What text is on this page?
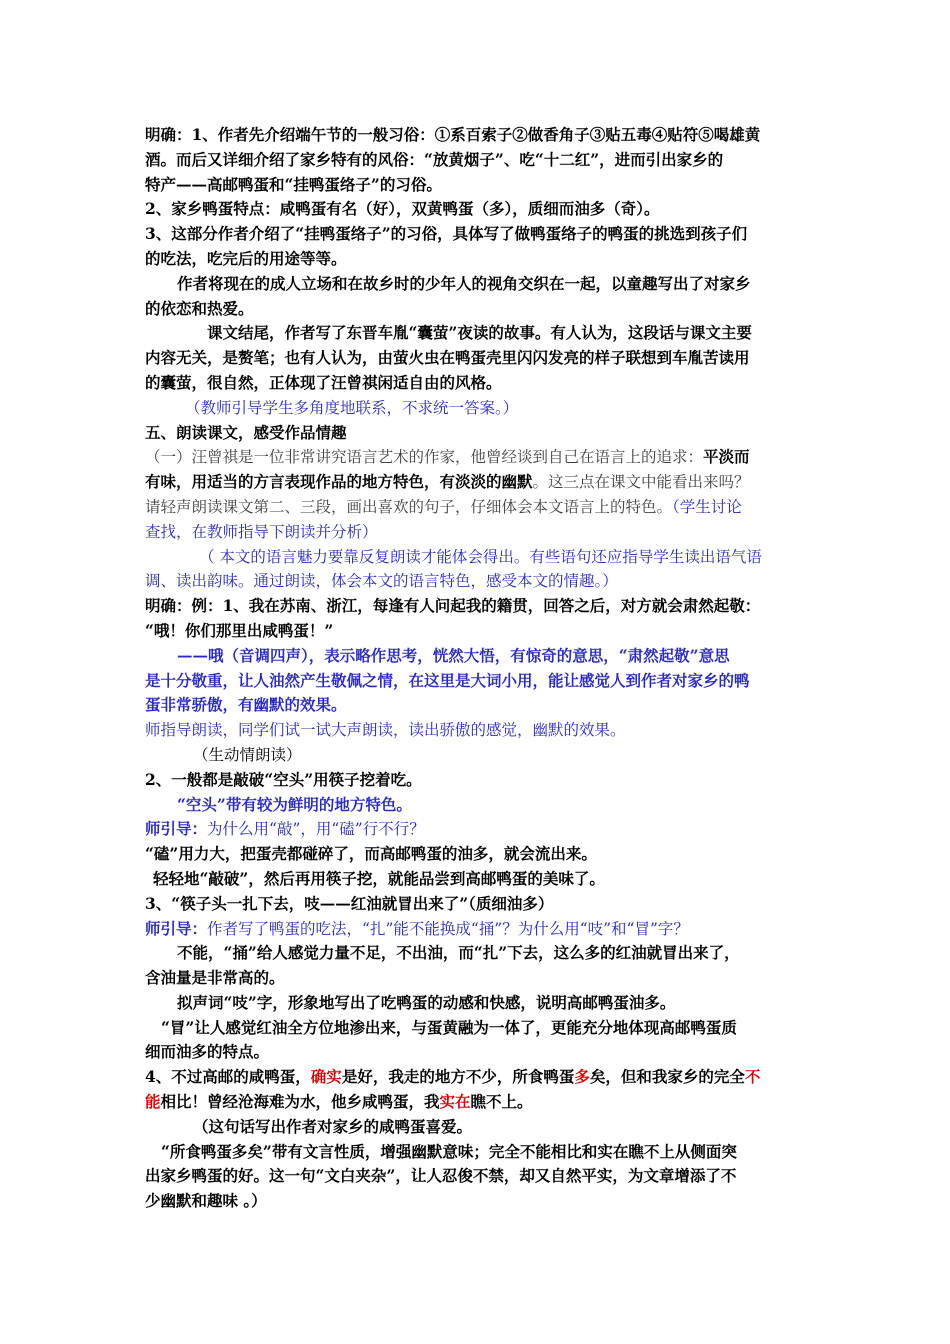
明确：1、作者先介绍端午节的一般习俗：①系百索子②做香角子③贴五毒④贴符⑤喝雄黄

酒。而后又详细介绍了家乡特有的风俗：“放黄烟子”、吃“十二红”，进而引出家乡的

特产——高邮鸭蛋和“挂鸭蛋络子”的习俗。

2、家乡鸭蛋特点：咸鸭蛋有名（好），双黄鸭蛋（多），质细而油多（奇）。

3、这部分作者介绍了“挂鸭蛋络子”的习俗，具体写了做鸭蛋络子的鸭蛋的挑选到孩子们

的吃法，吃完后的用途等等。

作者将现在的成人立场和在故乡时的少年人的视角交织在一起，以童趣写出了对家乡

的依恋和热爱。

课文结尾，作者写了东晋车胤“囊萤”夜读的故事。有人认为，这段话与课文主要

内容无关，是赘笔；也有人认为，由萤火虫在鸭蛋壳里闪闪发亮的样子联想到车胤苦读用

的囊萤，很自然，正体现了汪曾祺闲适自由的风格。

（教师引导学生多角度地联系，不求统一答案。）

五、朗读课文，感受作品情趣

（一）汪曾祺是一位非常讲究语言艺术的作家，他曾经谈到自己在语言上的追求：平淡而

有味，用适当的方言表现作品的地方特色，有淡淡的幽默。这三点在课文中能看出来吗？

请轻声朗读课文第二、三段，画出喜欢的句子，仔细体会本文语言上的特色。（学生讨论

查找，在教师指导下朗读并分析）

（ 本文的语言魅力要靠反复朗读才能体会得出。有些语句还应指导学生读出语气语

调、读出韵味。通过朗读，体会本文的语言特色，感受本文的情趣。）

明确：例：1、我在苏南、浙江，每逢有人问起我的籍贯，回答之后，对方就会肃然起敬：

“哦！你们那里出咸鸭蛋！”

——哦（音调四声），表示略作思考，恍然大悟，有惊奇的意思，“肃然起敬”意思

是十分敬重，让人油然产生敬佩之情，在这里是大词小用，能让感觉人到作者对家乡的鸭

蛋非常骄傲，有幽默的效果。

师指导朗读，同学们试一试大声朗读，读出骄傲的感觉，幽默的效果。

（生动情朗读）

2、一般都是敲破“空头”用筷子挖着吃。

“空头”带有较为鲜明的地方特色。

师引导：为什么用“敲”，用“磕”行不行？

“磕”用力大，把蛋壳都碰碎了，而高邮鸭蛋的油多，就会流出来。

轻轻地“敲破”，然后再用筷子挖，就能品尝到高邮鸭蛋的美味了。

3、“筷子头一扎下去，吱——红油就冒出来了”（质细油多）

师引导：作者写了鸭蛋的吃法，“扎”能不能换成“捅”？为什么用“吱”和“冒”字？

不能，“捅”给人感觉力量不足，不出油，而“扎”下去，这么多的红油就冒出来了，

含油量是非常高的。

拟声词“吱”字，形象地写出了吃鸭蛋的动感和快感，说明高邮鸭蛋油多。

“冒”让人感觉红油全方位地渗出来，与蛋黄融为一体了，更能充分地体现高邮鸭蛋质

细而油多的特点。

4、不过高邮的咸鸭蛋，确实是好，我走的地方不少，所食鸭蛋多矣，但和我家乡的完全不

能相比！曾经沧海难为水，他乡咸鸭蛋，我实在瞧不上。

（这句话写出作者对家乡的咸鸭蛋喜爱。

“所食鸭蛋多矣”带有文言性质，增强幽默意味；完全不能相比和实在瞧不上从侧面突

出家乡鸭蛋的好。这一句“文白夹杂”，让人忍俊不禁，却又自然平实，为文章增添了不

少幽默和趣味 。）
